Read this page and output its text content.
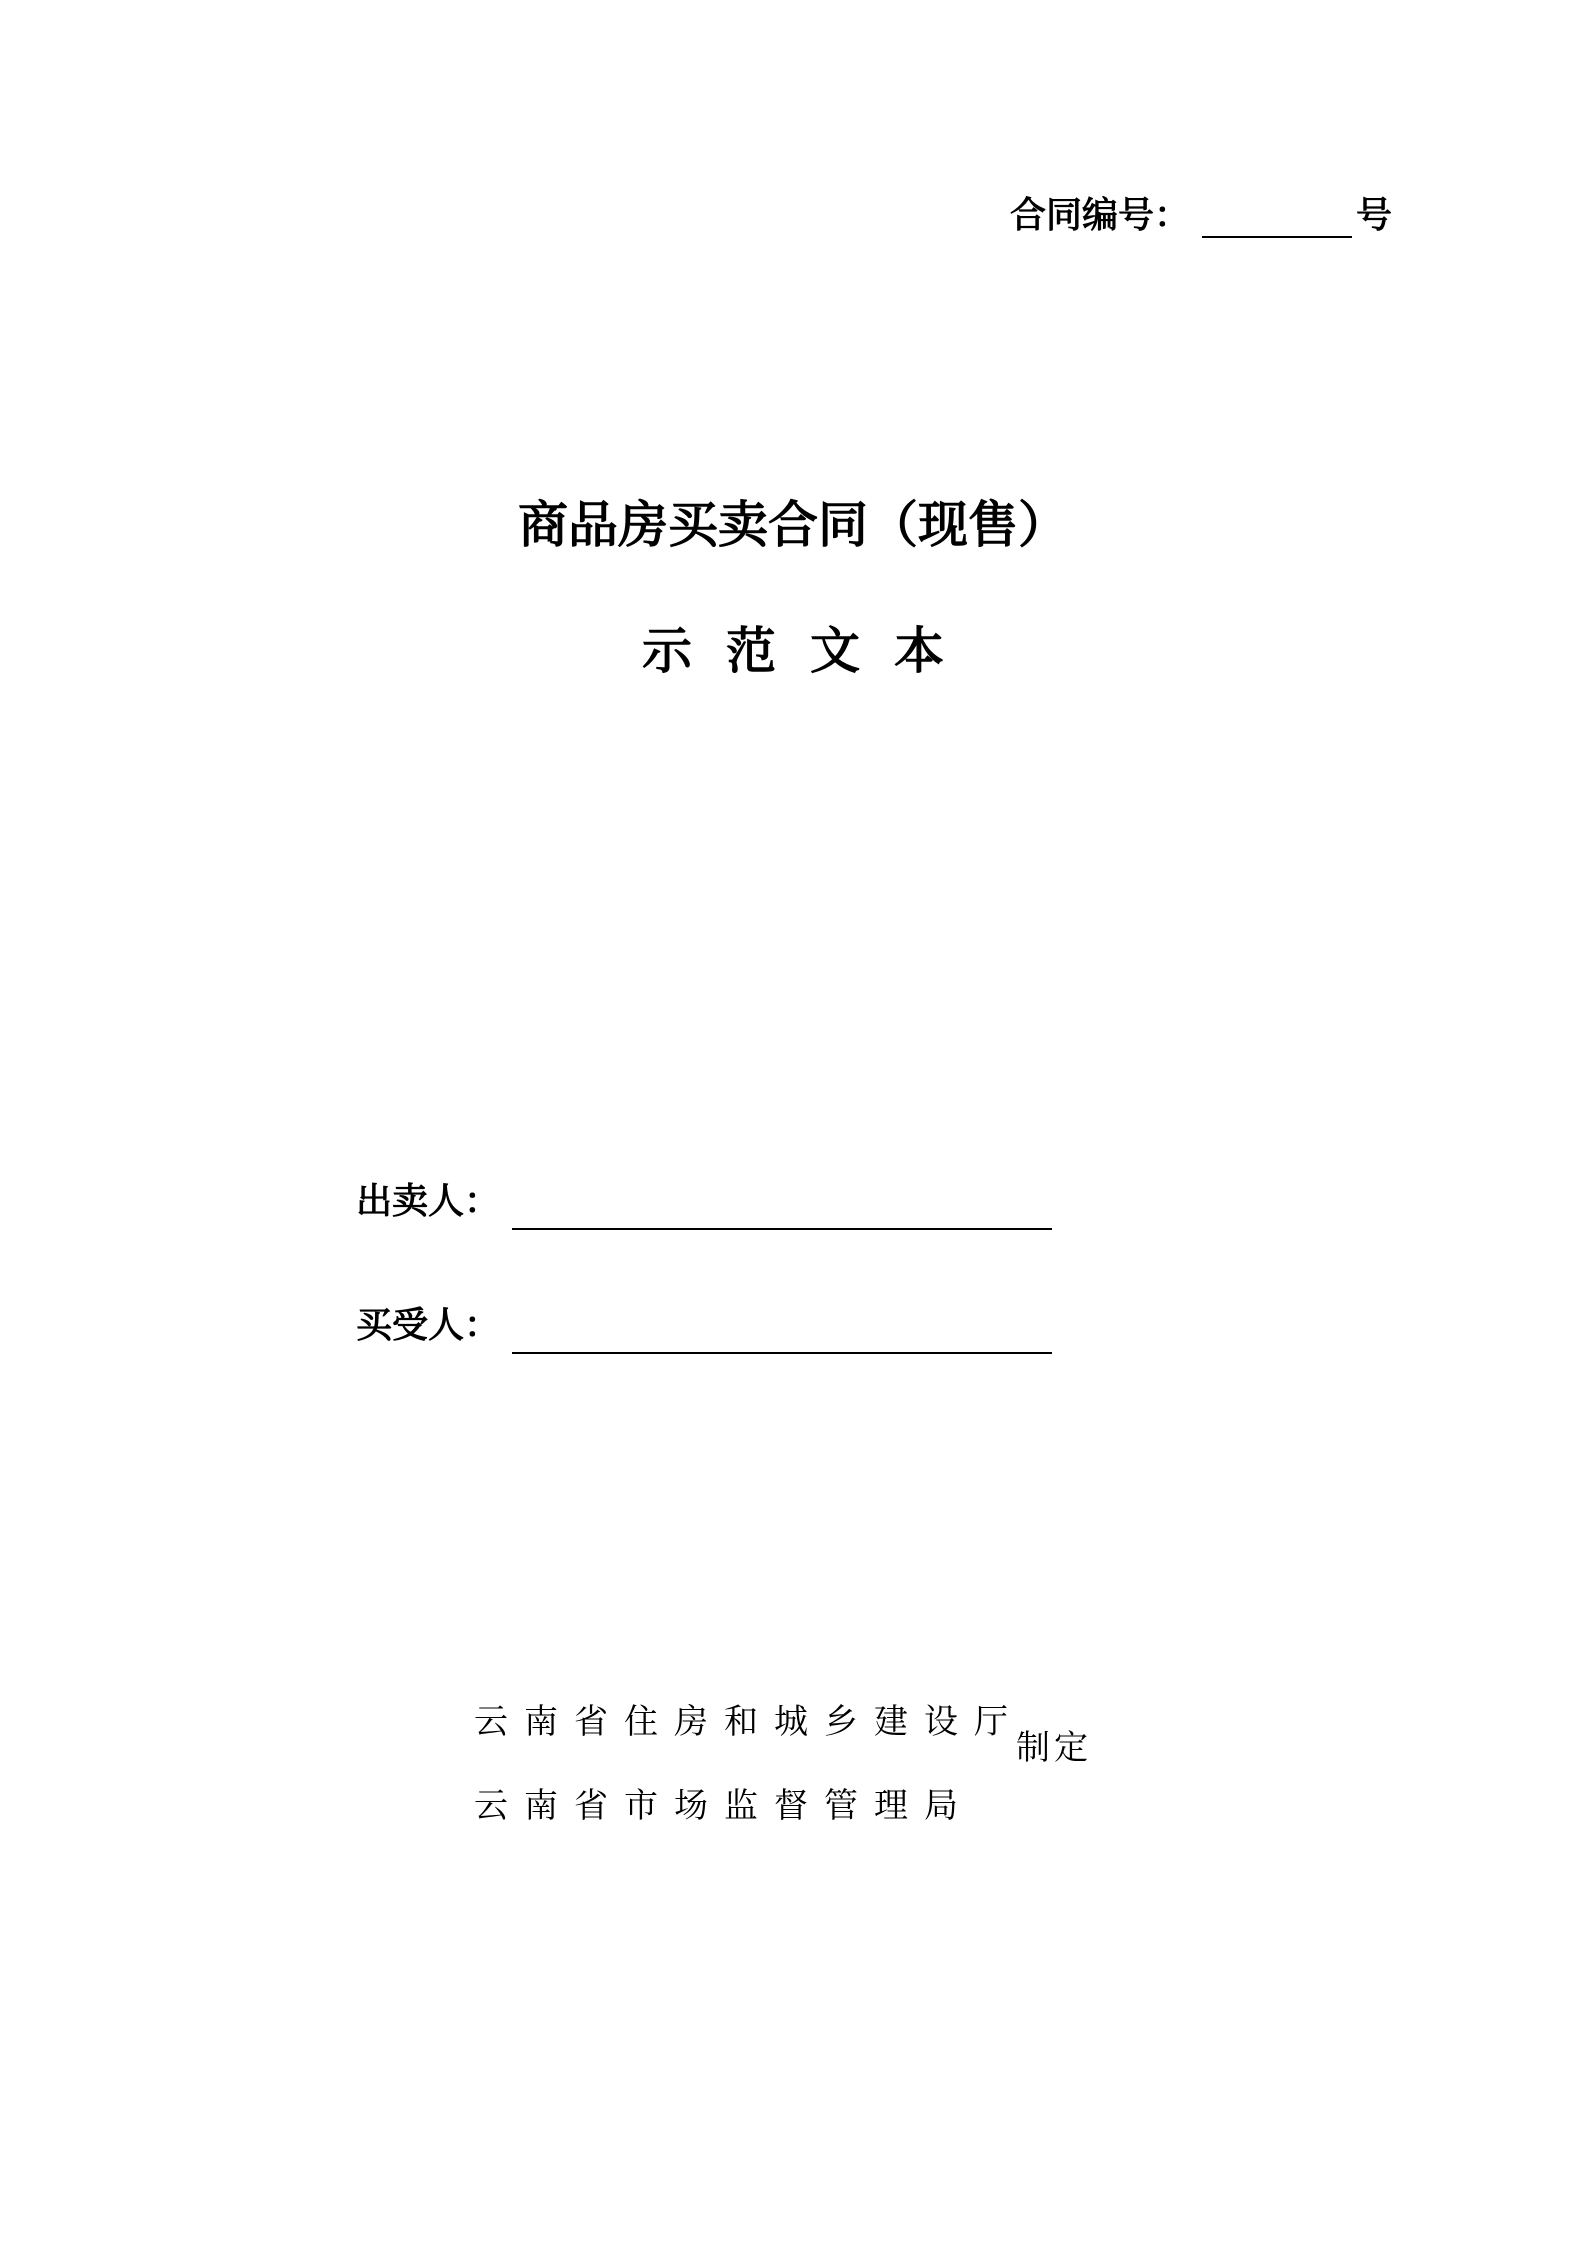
合同编号：	号
商品房买卖合同（现售）
示范文本
出卖人：
买受人：
云南省住房和城乡建设厅
云南省市场监督管理局
制定
